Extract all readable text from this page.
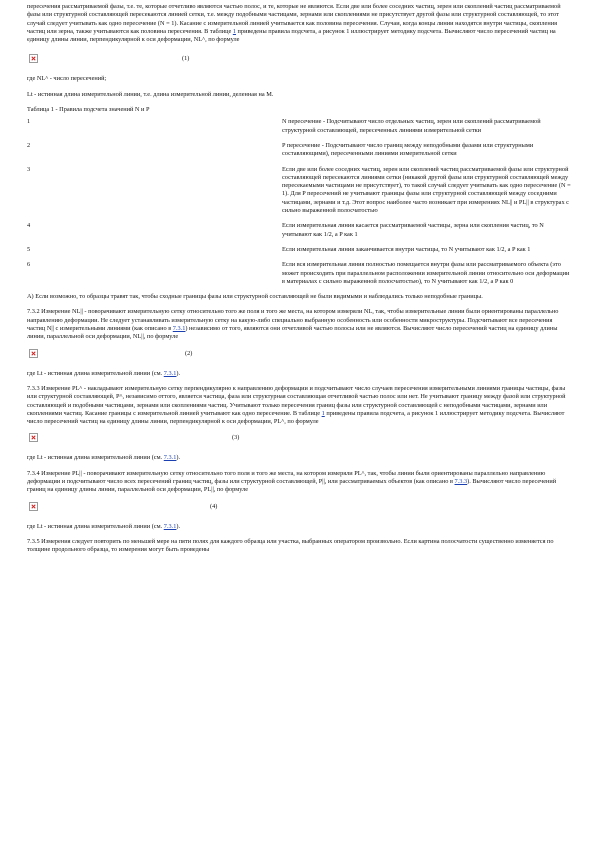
пересечения рассматриваемой фазы, т.е. те, которые отчетливо являются частью полос, и те, которые не являются. Если две или более соседних частиц, зерен или скоплений частиц рассматриваемой фазы или структурной составляющей пересекаются линией сетки, т.е. между подобными частицами, зернами или скоплениями не присутствует другой фазы или структурной составляющей, то этот случай следует учитывать как одно пересечение (N = 1). Касание с измерительной линией учитывается как половина пересечения. Случаи, когда концы линии находятся внутри частицы, скопления частиц или зерна, также учитываются как половина пересечения. В таблице 1 приведены правила подсчета, а рисунок 1 иллюстрирует методику подсчета. Вычисляют число пересечений частиц на единицу длины линии, перпендикулярной к оси деформации, NL^, по формуле

(1)

где NL^ - число пересечений;

Lt - истинная длина измерительной линии, т.е. длина измерительной линии, деленная на M.

Таблица 1 - Правила подсчета значений N и P

1	N пересечение - Подсчитывают число отдельных частиц, зерен или скоплений рассматриваемой структурной составляющей, пересеченных линиями измерительной сетки
2	P пересечение - Подсчитывают число границ между неподобными фазами или структурными составляющими), пересеченными линиями измерительной сетки
3	Если две или более соседних частиц, зерен или скоплений частиц рассматриваемой фазы или структурной составляющей пересекаются линиями сетки (никакой другой фазы или структурной составляющей между пересекаемыми частицами не присутствует), то такой случай следует учитывать как одно пересечение (N = 1). Для P пересечений не учитывают границы фазы или структурной составляющей между соседними частицами, зернами и т.д. Этот вопрос наиболее часто возникает при измерениях NL|| и PL|| в структурах с сильно выраженной полосчатостью
4	Если измерительная линия касается рассматриваемой частицы, зерна или скопления частиц, то N учитывают как 1/2, а P как 1
5	Если измерительная линия заканчивается внутри частицы, то N учитывают как 1/2, а P как 1
6	Если вся измерительная линия полностью помещается внутри фазы или рассматриваемого объекта (это может происходить при параллельном расположении измерительной линии относительно оси деформации в материалах с сильно выраженной полосчатостью), то N учитывают как 1/2, а P как 0

А) Если возможно, то образцы травят так, чтобы сходные границы фазы или структурной составляющей не были видимыми и наблюдались только неподобные границы.

7.3.2 Измерение NL|| - поворачивают измерительную сетку относительно того же поля и того же места, на котором измеряли NL, так, чтобы измерительные линии были ориентированы параллельно направлению деформации. Не следует устанавливать измерительную сетку на какую-либо специально выбранную особенность или особенности микроструктуры. Подсчитывают все пересечения частиц N|| с измерительными линиями (как описано в 7.3.1) независимо от того, являются они отчетливой частью полосы или не являются. Вычисляют число пересечений частиц на единицу длины линии, параллельной оси деформации, NL||, по формуле

(2)

где Lt - истинная длина измерительной линии (см. 7.3.1).

7.3.3 Измерение PL^ - накладывают измерительную сетку перпендикулярно к направлению деформации и подсчитывают число случаев пересечения измерительными линиями границы частицы, фазы или структурной составляющей, P^, независимо оттого, является частица, фаза или структурная составляющая отчетливой частью полос или нет. Не учитывают границу между фазой или структурной составляющей и подобными частицами, зернами или скоплениями частиц. Учитывают только пересечения границ фазы или структурной составляющей с неподобными частицами, зернами или скоплениями частиц. Касание границы с измерительной линией учитывают как одно пересечение. В таблице 1 приведены правила подсчета, а рисунок 1 иллюстрирует методику подсчета. Вычисляют число пересечений частиц на единицу длины линии, перпендикулярной к оси деформации, PL^, по формуле

(3)

где Lt - истинная длина измерительной линии (см. 7.3.1).

7.3.4 Измерение PL|| - поворачивают измерительную сетку относительно того поля и того же места, на котором измеряли PL^, так, чтобы линии были ориентированы параллельно направлению деформации и подсчитывают число всех пересечений границ частиц, фазы или структурной составляющей, P||, или рассматриваемых объектов (как описано в 7.3.3). Вычисляют число пересечений границ на единицу длины линии, параллельной оси деформации, PL||, по формуле

(4)

где Lt - истинная длина измерительной линии (см. 7.3.1).

7.3.5 Измерения следует повторить по меньшей мере на пяти полях для каждого образца или участка, выбранных оператором произвольно. Если картина полосчатости существенно изменяется по толщине продольного образца, то измерения могут быть проведены
